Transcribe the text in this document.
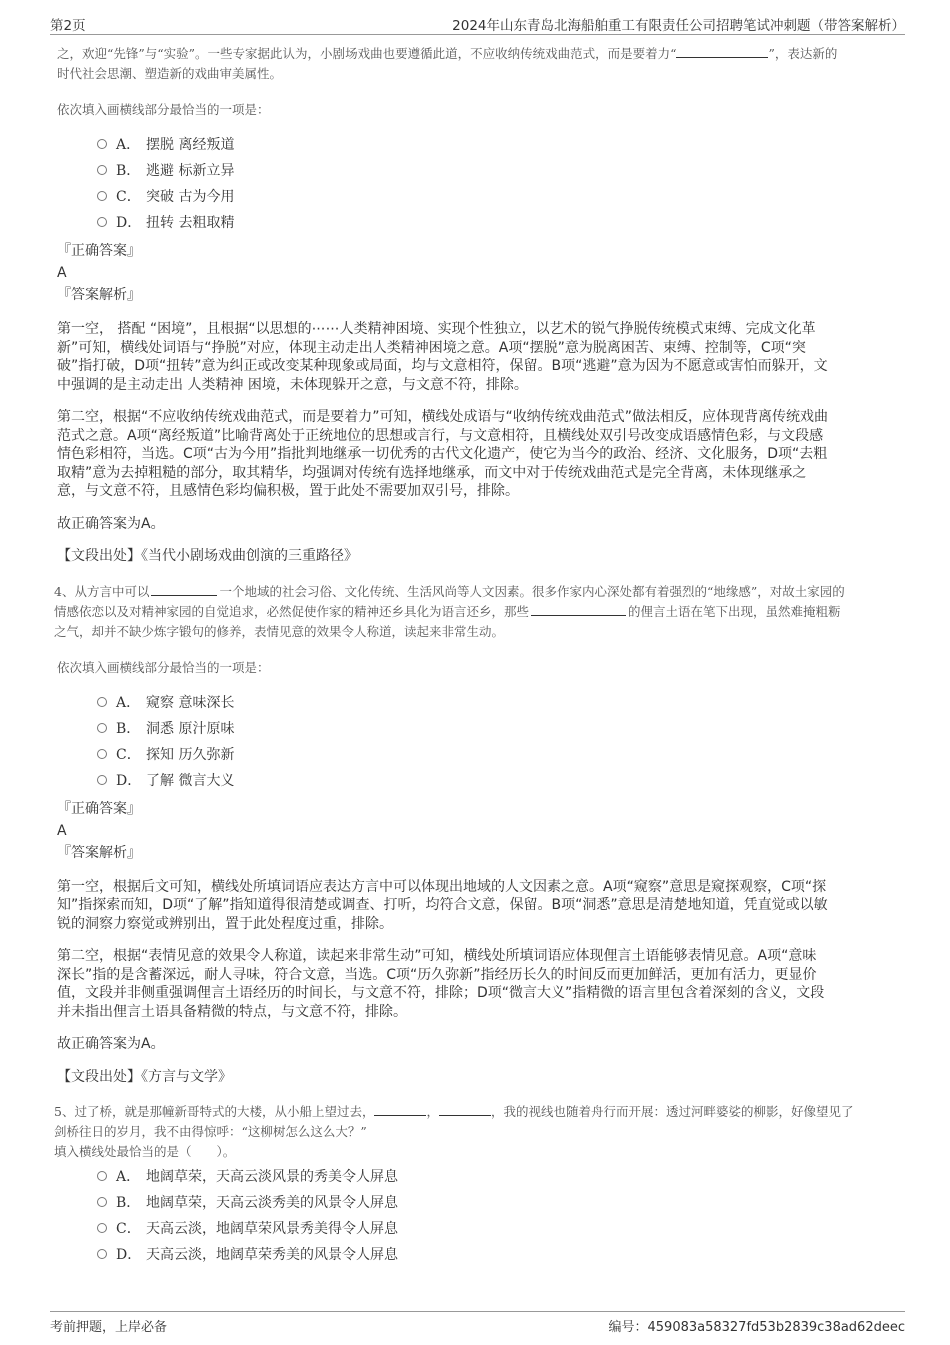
第2页	2024年山东青岛北海船舶重工有限责任公司招聘笔试冲刺题（带答案解析）
之，欢迎“先锋”与“实验”。一些专家据此认为，小剧场戏曲也要遵循此道，不应收纳传统戏曲范式，而是要着力“	”，表达新的
时代社会思潮、塑造新的戏曲审美属性。
依次填入画横线部分最恰当的一项是：
A． 摆脱 离经叛道
B． 逃避 标新立异
C． 突破 古为今用
D． 扭转 去粗取精
『正确答案』
A
『答案解析』
第一空， 搭配 “困境”，且根据“以思想的⋯⋯人类精神困境、实现个性独立，以艺术的锐气挣脱传统模式束缚、完成文化革
新”可知，横线处词语与“挣脱”对应，体现主动走出人类精神困境之意。A项“摆脱”意为脱离困苦、束缚、控制等，C项“突
破”指打破，D项“扭转”意为纠正或改变某种现象或局面，均与文意相符，保留。B项“逃避”意为因为不愿意或害怕而躲开，文
中强调的是主动走出 人类精神 困境，未体现躲开之意，与文意不符，排除。
第二空，根据“不应收纳传统戏曲范式，而是要着力”可知，横线处成语与“收纳传统戏曲范式”做法相反，应体现背离传统戏曲
范式之意。A项“离经叛道”比喻背离处于正统地位的思想或言行，与文意相符，且横线处双引号改变成语感情色彩，与文段感
情色彩相符，当选。C项“古为今用”指批判地继承一切优秀的古代文化遗产，使它为当今的政治、经济、文化服务，D项“去粗
取精”意为去掉粗糙的部分，取其精华，均强调对传统有选择地继承，而文中对于传统戏曲范式是完全背离，未体现继承之
意，与文意不符，且感情色彩均偏积极，置于此处不需要加双引号，排除。
故正确答案为A。
【文段出处】《当代小剧场戏曲创演的三重路径》
4、从方言中可以	一个地域的社会习俗、文化传统、生活风尚等人文因素。很多作家内心深处都有着强烈的“地缘感”，对故土家园的
情感依恋以及对精神家园的自觉追求，必然促使作家的精神还乡具化为语言还乡，那些	的俚言土语在笔下出现，虽然难掩粗粝
之气，却并不缺少炼字锻句的修养，表情见意的效果令人称道，读起来非常生动。
依次填入画横线部分最恰当的一项是：
A． 窥察 意味深长
B． 洞悉 原汁原味
C． 探知 历久弥新
D． 了解 微言大义
『正确答案』
A
『答案解析』
第一空，根据后文可知，横线处所填词语应表达方言中可以体现出地域的人文因素之意。A项“窥察”意思是窥探观察，C项“探
知”指探索而知，D项“了解”指知道得很清楚或调查、打听，均符合文意，保留。B项“洞悉”意思是清楚地知道，凭直觉或以敏
锐的洞察力察觉或辨别出，置于此处程度过重，排除。
第二空，根据“表情见意的效果令人称道，读起来非常生动”可知，横线处所填词语应体现俚言土语能够表情见意。A项“意味
深长”指的是含蓄深远，耐人寻味，符合文意，当选。C项“历久弥新”指经历长久的时间反而更加鲜活，更加有活力，更显价
值，文段并非侧重强调俚言土语经历的时间长，与文意不符，排除；D项“微言大义”指精微的语言里包含着深刻的含义，文段
并未指出俚言土语具备精微的特点，与文意不符，排除。
故正确答案为A。
【文段出处】《方言与文学》
5、过了桥，就是那幢新哥特式的大楼，从小船上望过去，	，	，我的视线也随着舟行而开展：透过河畔婆娑的柳影，好像望见了
剑桥往日的岁月，我不由得惊呼：“这柳树怎么这么大？”
填入横线处最恰当的是（　　）。
A． 地阔草荣，天高云淡风景的秀美令人屏息
B． 地阔草荣，天高云淡秀美的风景令人屏息
C． 天高云淡，地阔草荣风景秀美得令人屏息
D． 天高云淡，地阔草荣秀美的风景令人屏息
考前押题，上岸必备	编号：459083a58327fd53b2839c38ad62deec
